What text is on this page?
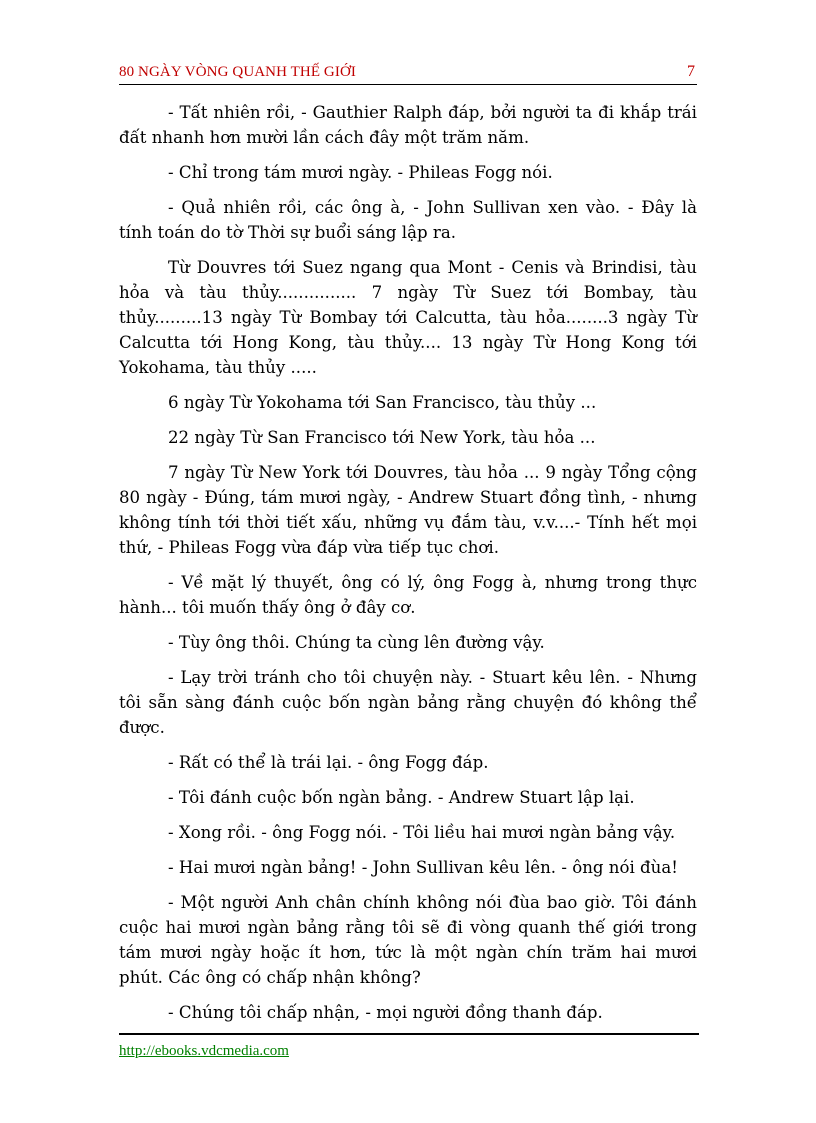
80 NGÀY VÒNG QUANH THẾ GIỚI	7

- Tất nhiên rồi, - Gauthier Ralph đáp, bởi người ta đi khắp trái đất nhanh hơn mười lần cách đây một trăm năm.

- Chỉ trong tám mươi ngày. - Phileas Fogg nói.

- Quả nhiên rồi, các ông à, - John Sullivan xen vào. - Đây là tính toán do tờ Thời sự buổi sáng lập ra.

Từ Douvres tới Suez ngang qua Mont - Cenis và Brindisi, tàu hỏa và tàu thủy............... 7 ngày Từ Suez tới Bombay, tàu thủy.........13 ngày Từ Bombay tới Calcutta, tàu hỏa........3 ngày Từ Calcutta tới Hong Kong, tàu thủy.... 13 ngày Từ Hong Kong tới Yokohama, tàu thủy .....

6 ngày Từ Yokohama tới San Francisco, tàu thủy ...

22 ngày Từ San Francisco tới New York, tàu hỏa ...

7 ngày Từ New York tới Douvres, tàu hỏa ... 9 ngày Tổng cộng 80 ngày - Đúng, tám mươi ngày, - Andrew Stuart đồng tình, - nhưng không tính tới thời tiết xấu, những vụ đắm tàu, v.v....- Tính hết mọi thứ, - Phileas Fogg vừa đáp vừa tiếp tục chơi.

- Về mặt lý thuyết, ông có lý, ông Fogg à, nhưng trong thực hành... tôi muốn thấy ông ở đây cơ.

- Tùy ông thôi. Chúng ta cùng lên đường vậy.

- Lạy trời tránh cho tôi chuyện này. - Stuart kêu lên. - Nhưng tôi sẵn sàng đánh cuộc bốn ngàn bảng rằng chuyện đó không thể được.

- Rất có thể là trái lại. - ông Fogg đáp.

- Tôi đánh cuộc bốn ngàn bảng. - Andrew Stuart lập lại.

- Xong rồi. - ông Fogg nói. - Tôi liều hai mươi ngàn bảng vậy.

- Hai mươi ngàn bảng! - John Sullivan kêu lên. - ông nói đùa!

- Một người Anh chân chính không nói đùa bao giờ. Tôi đánh cuộc hai mươi ngàn bảng rằng tôi sẽ đi vòng quanh thế giới trong tám mươi ngày hoặc ít hơn, tức là một ngàn chín trăm hai mươi phút. Các ông có chấp nhận không?

- Chúng tôi chấp nhận, - mọi người đồng thanh đáp.

http://ebooks.vdcmedia.com
